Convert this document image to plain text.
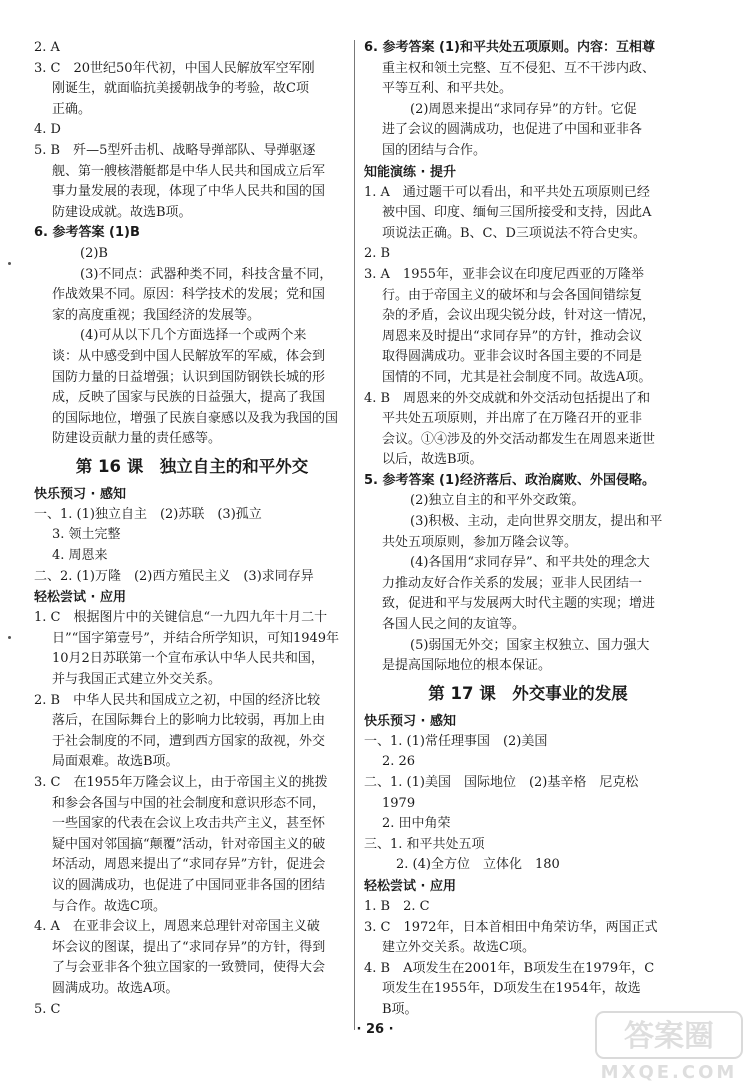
2. A
3. C　20世纪50年代初，中国人民解放军空军刚
刚诞生，就面临抗美援朝战争的考验，故C项
正确。
4. D
5. B　歼—5型歼击机、战略导弹部队、导弹驱逐
舰、第一艘核潜艇都是中华人民共和国成立后军
事力量发展的表现，体现了中华人民共和国的国
防建设成就。故选B项。
6. 参考答案 (1)B
(2)B
(3)不同点：武器种类不同，科技含量不同，
作战效果不同。原因：科学技术的发展；党和国
家的高度重视；我国经济的发展等。
(4)可从以下几个方面选择一个或两个来
谈：从中感受到中国人民解放军的军威，体会到
国防力量的日益增强；认识到国防钢铁长城的形
成，反映了国家与民族的日益强大，提高了我国
的国际地位，增强了民族自豪感以及我为我国的国
防建设贡献力量的责任感等。
第 16 课　独立自主的和平外交
快乐预习 · 感知
一、1. (1)独立自主　(2)苏联　(3)孤立
3. 领土完整
4. 周恩来
二、2. (1)万隆　(2)西方殖民主义　(3)求同存异
轻松尝试 · 应用
1. C　根据图片中的关键信息“一九四九年十月二十
日”“国字第壹号”，并结合所学知识，可知1949年
10月2日苏联第一个宣布承认中华人民共和国，
并与我国正式建立外交关系。
2. B　中华人民共和国成立之初，中国的经济比较
落后，在国际舞台上的影响力比较弱，再加上由
于社会制度的不同，遭到西方国家的敌视，外交
局面艰难。故选B项。
3. C　在1955年万隆会议上，由于帝国主义的挑拨
和参会各国与中国的社会制度和意识形态不同，
一些国家的代表在会议上攻击共产主义，甚至怀
疑中国对邻国搞“颠覆”活动，针对帝国主义的破
坏活动，周恩来提出了“求同存异”方针，促进会
议的圆满成功，也促进了中国同亚非各国的团结
与合作。故选C项。
4. A　在亚非会议上，周恩来总理针对帝国主义破
坏会议的图谋，提出了“求同存异”的方针，得到
了与会亚非各个独立国家的一致赞同，使得大会
圆满成功。故选A项。
5. C
6. 参考答案 (1)和平共处五项原则。内容：互相尊
重主权和领土完整、互不侵犯、互不干涉内政、
平等互利、和平共处。
(2)周恩来提出“求同存异”的方针。它促
进了会议的圆满成功，也促进了中国和亚非各
国的团结与合作。
知能演练 · 提升
1. A　通过题干可以看出，和平共处五项原则已经
被中国、印度、缅甸三国所接受和支持，因此A
项说法正确。B、C、D三项说法不符合史实。
2. B
3. A　1955年，亚非会议在印度尼西亚的万隆举
行。由于帝国主义的破坏和与会各国间错综复
杂的矛盾，会议出现尖锐分歧，针对这一情况，
周恩来及时提出“求同存异”的方针，推动会议
取得圆满成功。亚非会议时各国主要的不同是
国情的不同，尤其是社会制度不同。故选A项。
4. B　周恩来的外交成就和外交活动包括提出了和
平共处五项原则，并出席了在万隆召开的亚非
会议。①④涉及的外交活动都发生在周恩来逝世
以后，故选B项。
5. 参考答案 (1)经济落后、政治腐败、外国侵略。
(2)独立自主的和平外交政策。
(3)积极、主动，走向世界交朋友，提出和平
共处五项原则，参加万隆会议等。
(4)各国用“求同存异”、和平共处的理念大
力推动友好合作关系的发展；亚非人民团结一
致，促进和平与发展两大时代主题的实现；增进
各国人民之间的友谊等。
(5)弱国无外交；国家主权独立、国力强大
是提高国际地位的根本保证。
第 17 课　外交事业的发展
快乐预习 · 感知
一、1. (1)常任理事国　(2)美国
2. 26
二、1. (1)美国　国际地位　(2)基辛格　尼克松
1979
2. 田中角荣
三、1. 和平共处五项
2. (4)全方位　立体化　180
轻松尝试 · 应用
1. B　2. C
3. C　1972年，日本首相田中角荣访华，两国正式
建立外交关系。故选C项。
4. B　A项发生在2001年，B项发生在1979年，C
项发生在1955年，D项发生在1954年，故选
B项。
· 26 ·	答案圈
MXQE.COM
